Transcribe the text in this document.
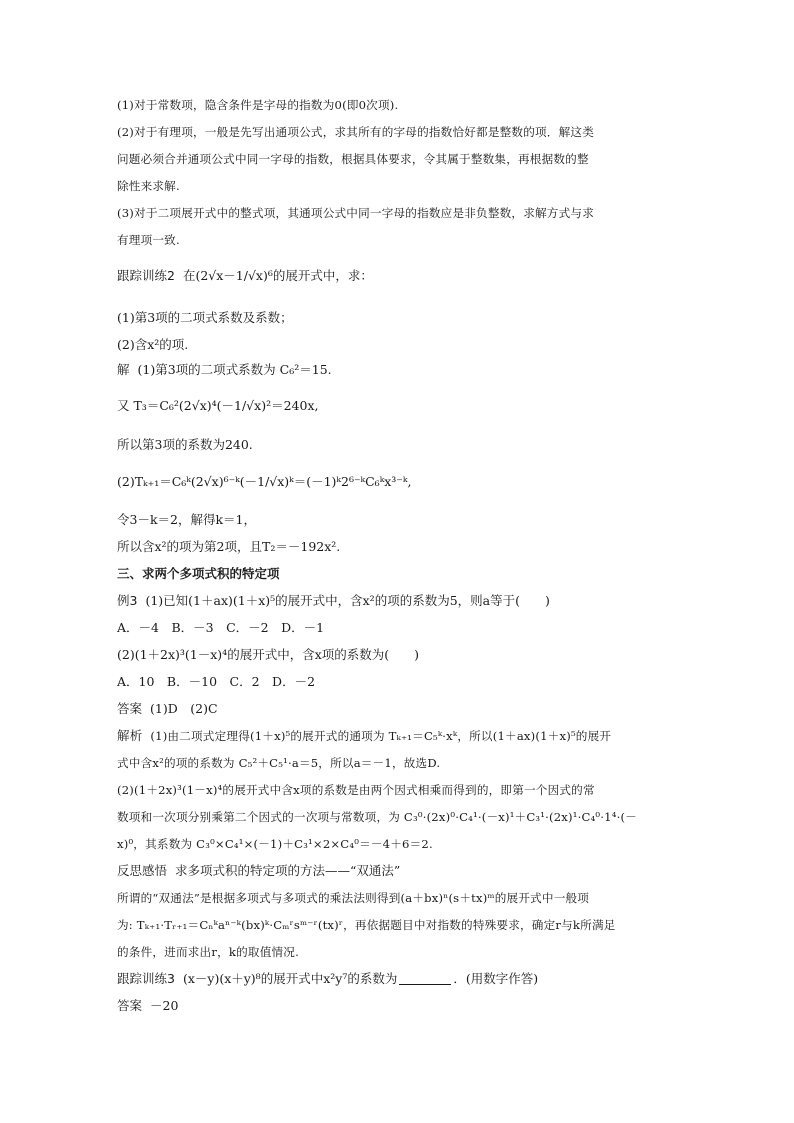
(1)对于常数项，隐含条件是字母的指数为0(即0次项).
(2)对于有理项，一般是先写出通项公式，求其所有的字母的指数恰好都是整数的项．解这类
问题必须合并通项公式中同一字母的指数，根据具体要求，令其属于整数集，再根据数的整
除性来求解.
(3)对于二项展开式中的整式项，其通项公式中同一字母的指数应是非负整数，求解方式与求
有理项一致.
跟踪训练2 在(2√x－1/√x)⁶的展开式中，求：
(1)第3项的二项式系数及系数；
(2)含x²的项.
解 (1)第3项的二项式系数为 C₆²＝15.
又 T₃＝C₆²(2√x)⁴(－1/√x)²＝240x,
所以第3项的系数为240.
(2)Tₖ₊₁＝C₆ᵏ(2√x)⁶⁻ᵏ(－1/√x)ᵏ＝(－1)ᵏ2⁶⁻ᵏC₆ᵏx³⁻ᵏ,
令3－k＝2，解得k＝1，
所以含x²的项为第2项，且T₂＝－192x².
三、求两个多项式积的特定项
例3 (1)已知(1＋ax)(1＋x)⁵的展开式中，含x²的项的系数为5，则a等于(　　)
A．－4　B．－3　C．－2　D．－1
(2)(1＋2x)³(1－x)⁴的展开式中，含x项的系数为(　　)
A．10　B．－10　C．2　D．－2
答案 (1)D　(2)C
解析 (1)由二项式定理得(1＋x)⁵的展开式的通项为 Tₖ₊₁＝C₅ᵏ·xᵏ，所以(1＋ax)(1＋x)⁵的展开
式中含x²的项的系数为 C₅²＋C₅¹·a＝5，所以a＝－1，故选D.
(2)(1＋2x)³(1－x)⁴的展开式中含x项的系数是由两个因式相乘而得到的，即第一个因式的常
数项和一次项分别乘第二个因式的一次项与常数项，为 C₃⁰·(2x)⁰·C₄¹·(－x)¹＋C₃¹·(2x)¹·C₄⁰·1⁴·(－
x)⁰，其系数为 C₃⁰×C₄¹×(－1)＋C₃¹×2×C₄⁰＝－4＋6＝2.
反思感悟 求多项式积的特定项的方法——“双通法”
所谓的“双通法”是根据多项式与多项式的乘法法则得到(a＋bx)ⁿ(s＋tx)ᵐ的展开式中一般项
为: Tₖ₊₁·Tᵣ₊₁＝Cₙᵏaⁿ⁻ᵏ(bx)ᵏ·Cₘʳsᵐ⁻ʳ(tx)ʳ，再依据题目中对指数的特殊要求，确定r与k所满足
的条件，进而求出r，k的取值情况.
跟踪训练3 (x－y)(x＋y)⁸的展开式中x²y⁷的系数为	．(用数字作答)
答案 －20
